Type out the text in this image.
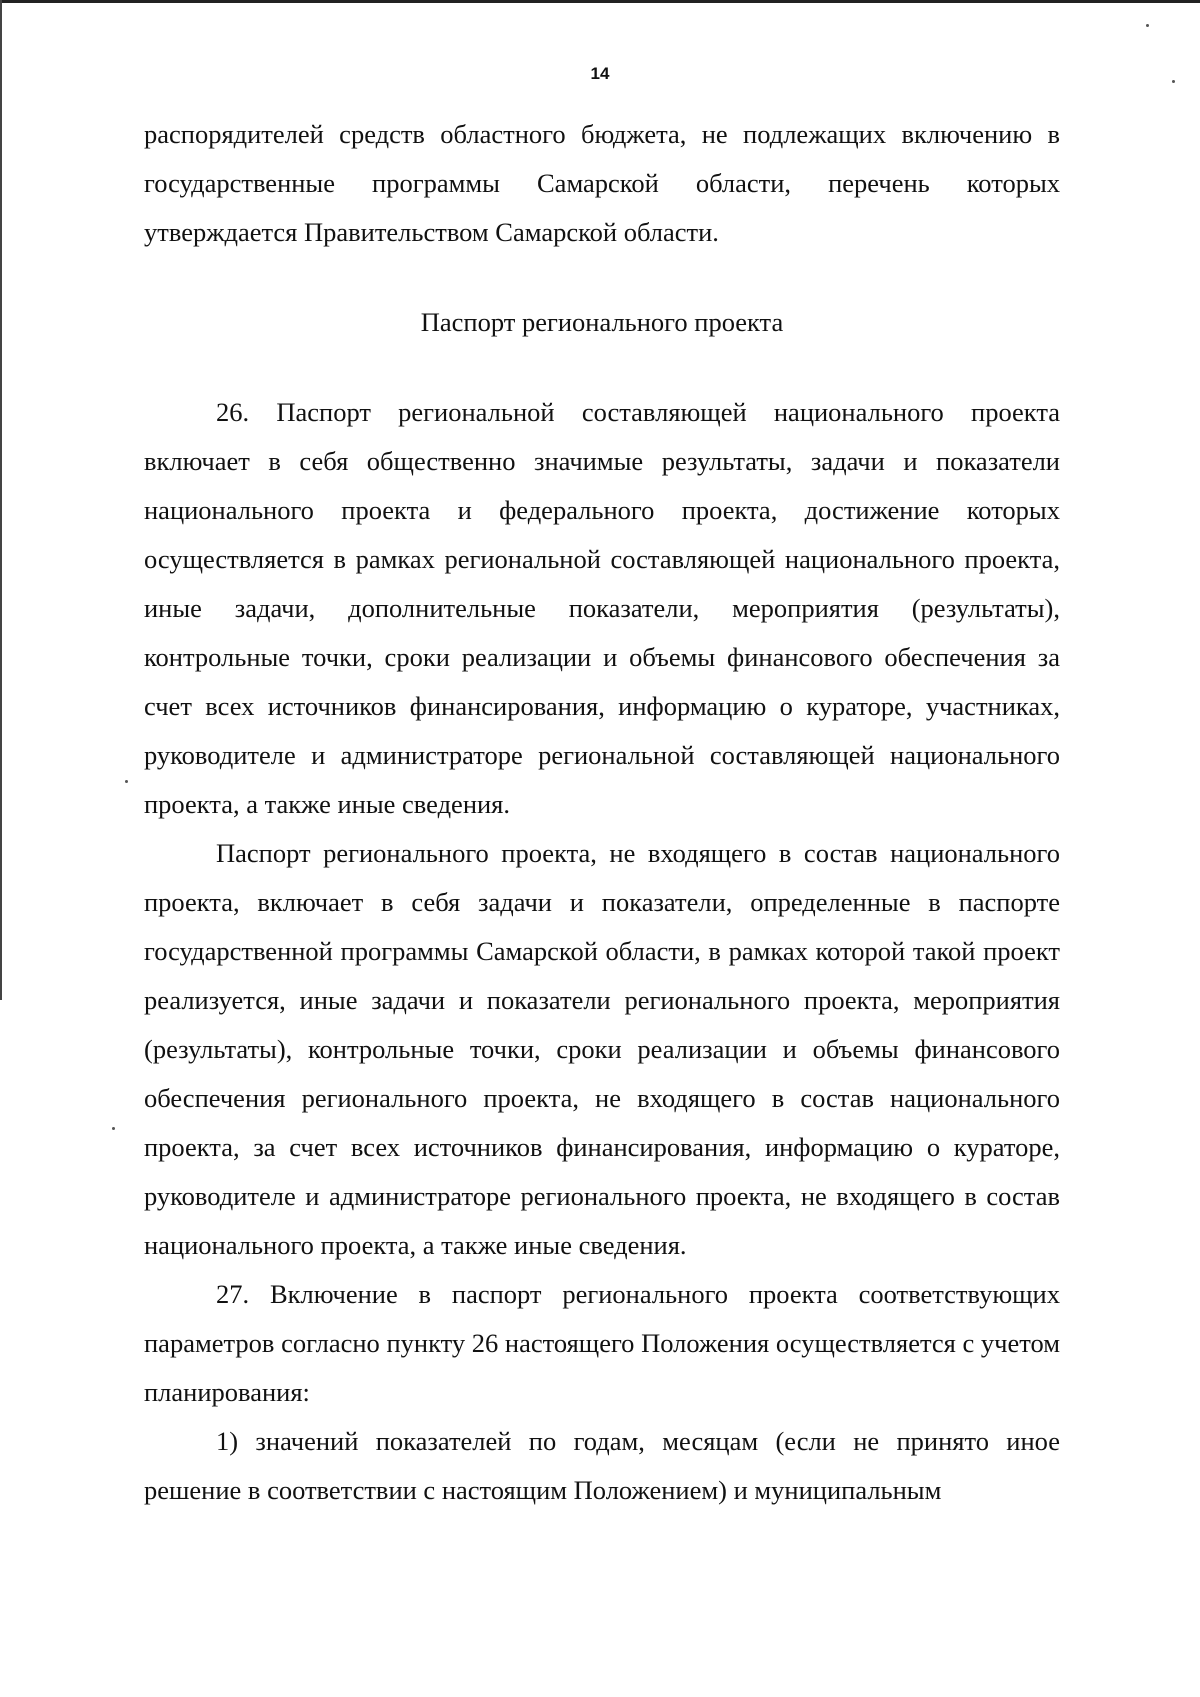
14

распорядителей средств областного бюджета, не подлежащих включению в государственные программы Самарской области, перечень которых утверждается Правительством Самарской области.

Паспорт регионального проекта

26. Паспорт региональной составляющей национального проекта включает в себя общественно значимые результаты, задачи и показатели национального проекта и федерального проекта, достижение которых осуществляется в рамках региональной составляющей национального проекта, иные задачи, дополнительные показатели, мероприятия (результаты), контрольные точки, сроки реализации и объемы финансового обеспечения за счет всех источников финансирования, информацию о кураторе, участниках, руководителе и администраторе региональной составляющей национального проекта, а также иные сведения.

Паспорт регионального проекта, не входящего в состав национального проекта, включает в себя задачи и показатели, определенные в паспорте государственной программы Самарской области, в рамках которой такой проект реализуется, иные задачи и показатели регионального проекта, мероприятия (результаты), контрольные точки, сроки реализации и объемы финансового обеспечения регионального проекта, не входящего в состав национального проекта, за счет всех источников финансирования, информацию о кураторе, руководителе и администраторе регионального проекта, не входящего в состав национального проекта, а также иные сведения.

27. Включение в паспорт регионального проекта соответствующих параметров согласно пункту 26 настоящего Положения осуществляется с учетом планирования:

1) значений показателей по годам, месяцам (если не принято иное решение в соответствии с настоящим Положением) и муниципальным
